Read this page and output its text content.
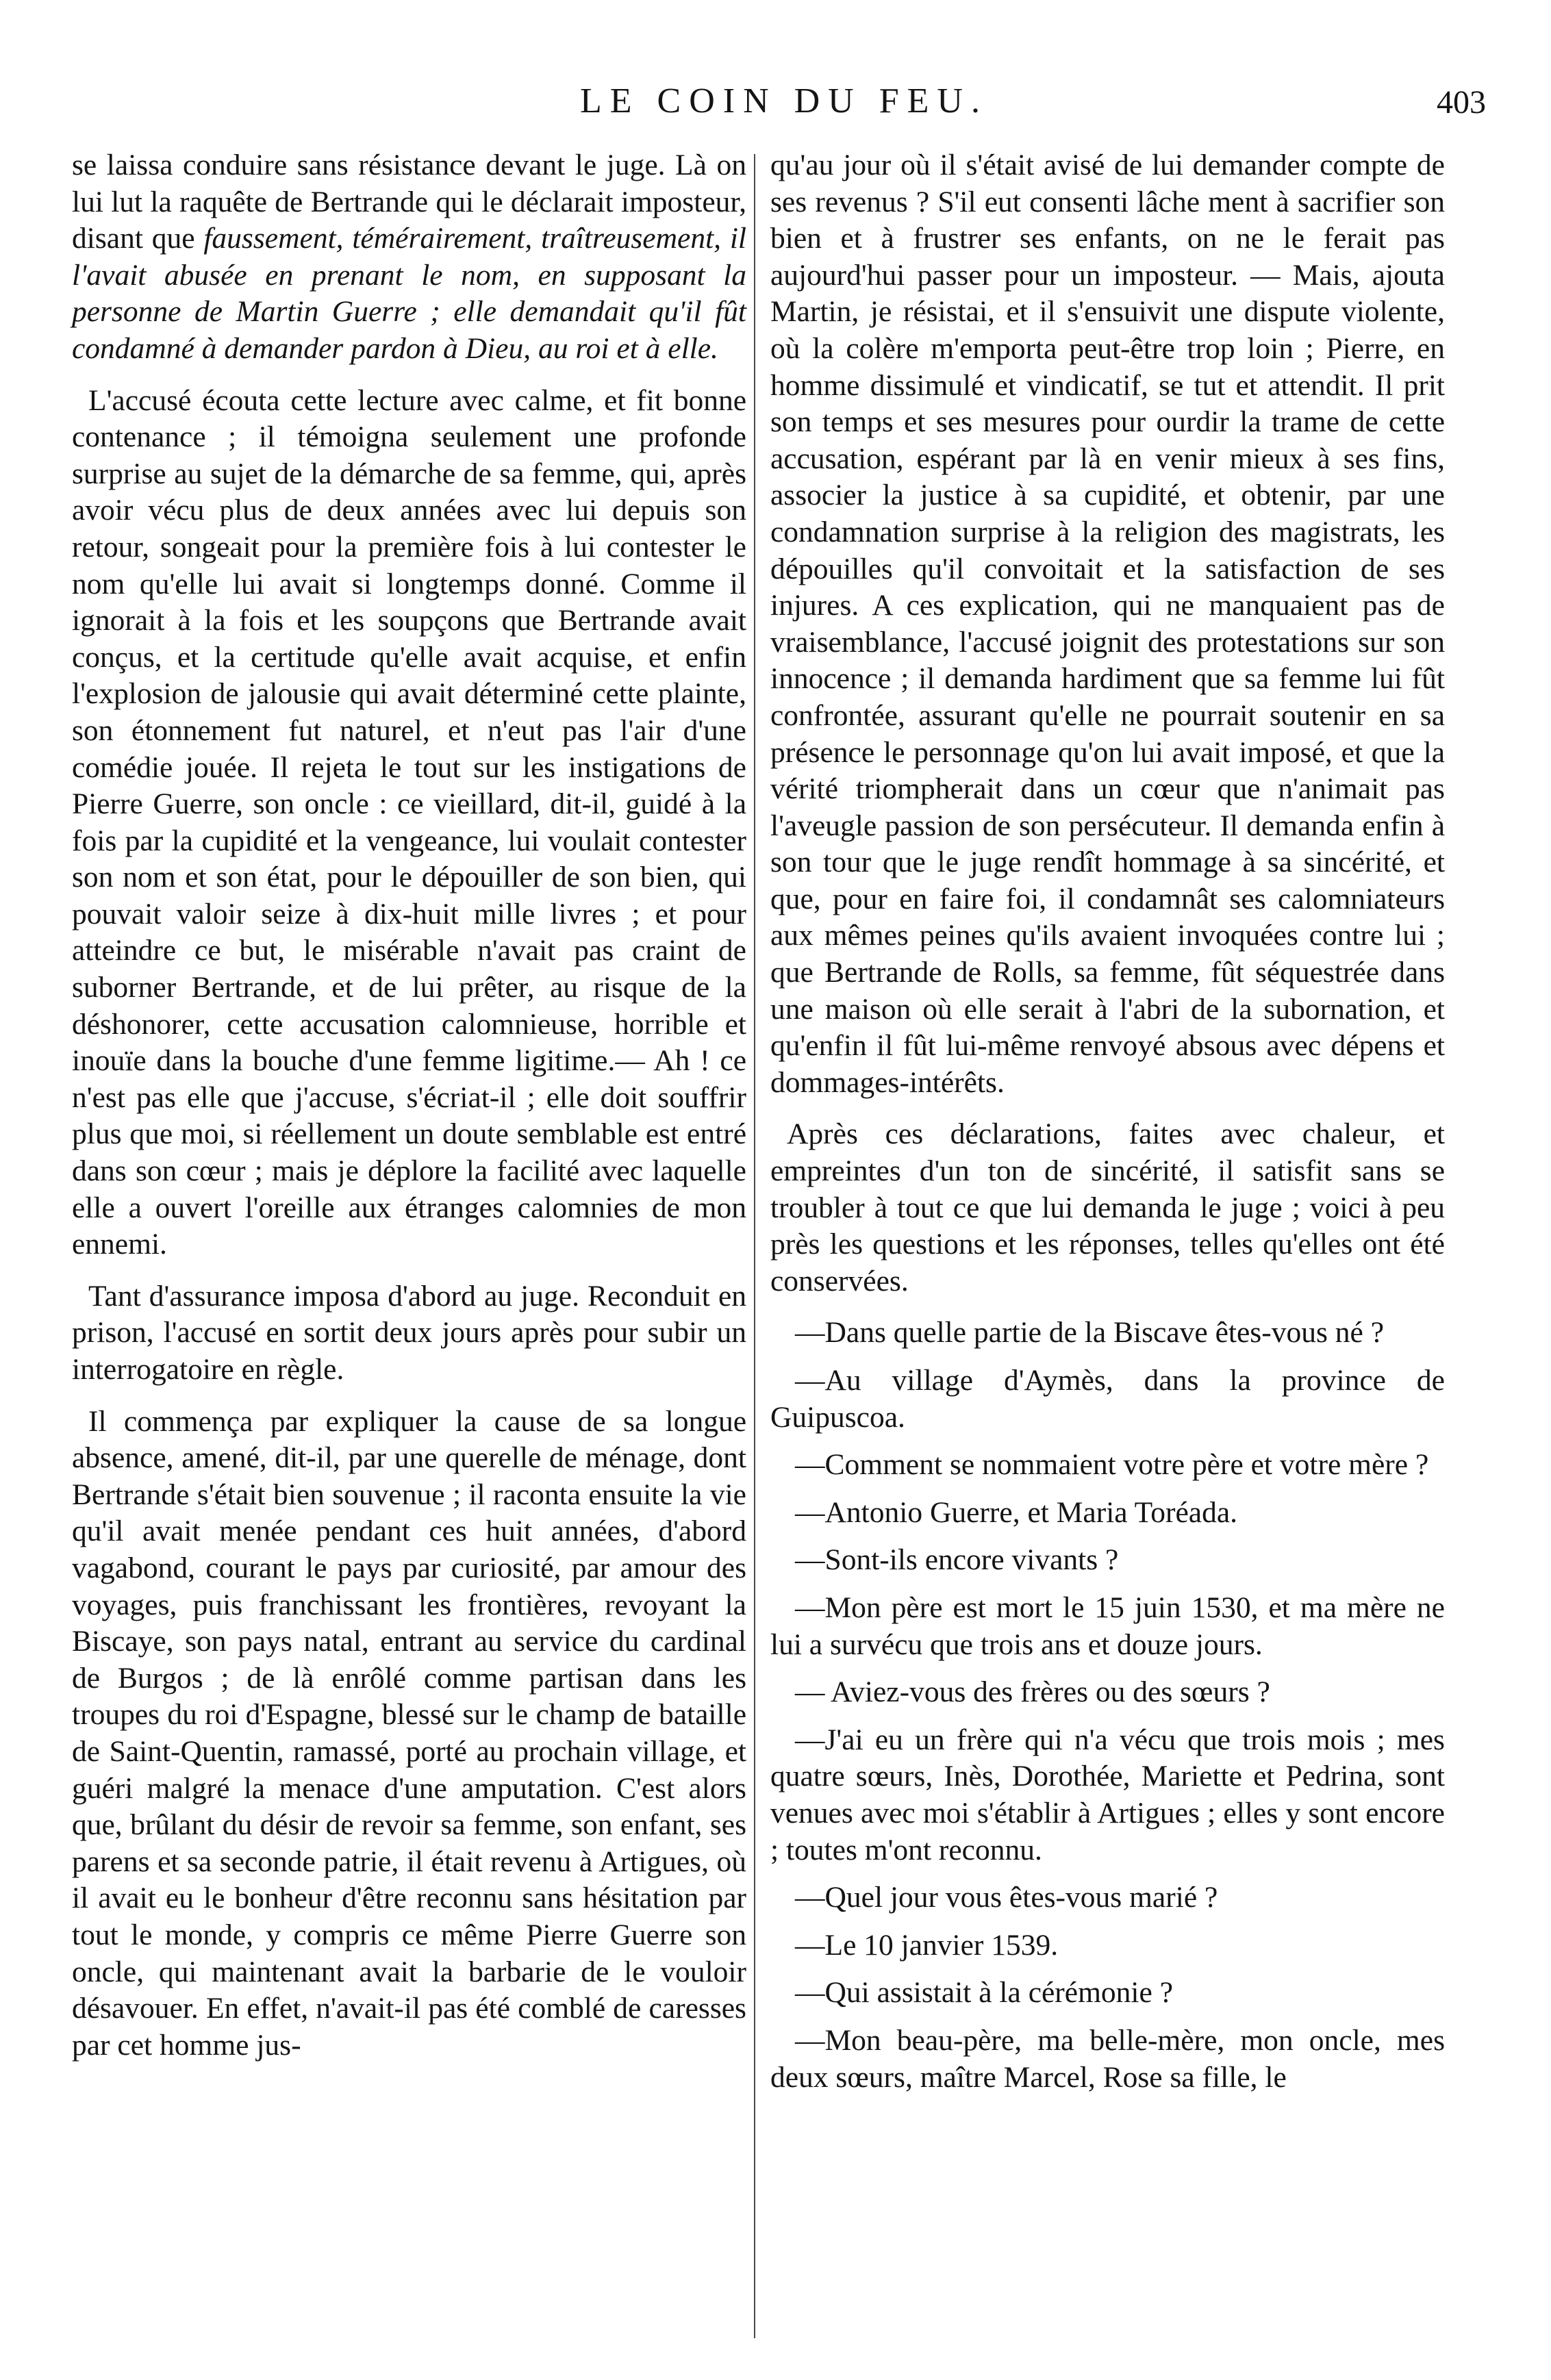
LE COIN DU FEU.	403

se laissa conduire sans résistance devant le juge. Là on lui lut la raquête de Bertrande qui le déclarait imposteur, disant que faussement, témérairement, traîtreusement, il l'avait abusée en prenant le nom, en supposant la personne de Martin Guerre ; elle demandait qu'il fût condamné à demander pardon à Dieu, au roi et à elle.

L'accusé écouta cette lecture avec calme, et fit bonne contenance ; il témoigna seulement une profonde surprise au sujet de la démarche de sa femme, qui, après avoir vécu plus de deux années avec lui depuis son retour, songeait pour la première fois à lui contester le nom qu'elle lui avait si longtemps donné. Comme il ignorait à la fois et les soupçons que Bertrande avait conçus, et la certitude qu'elle avait acquise, et enfin l'explosion de jalousie qui avait déterminé cette plainte, son étonnement fut naturel, et n'eut pas l'air d'une comédie jouée. Il rejeta le tout sur les instigations de Pierre Guerre, son oncle : ce vieillard, dit-il, guidé à la fois par la cupidité et la vengeance, lui voulait contester son nom et son état, pour le dépouiller de son bien, qui pouvait valoir seize à dix-huit mille livres ; et pour atteindre ce but, le misérable n'avait pas craint de suborner Bertrande, et de lui prêter, au risque de la déshonorer, cette accusation calomnieuse, horrible et inouïe dans la bouche d'une femme ligitime.— Ah ! ce n'est pas elle que j'accuse, s'écriat-il ; elle doit souffrir plus que moi, si réellement un doute semblable est entré dans son cœur ; mais je déplore la facilité avec laquelle elle a ouvert l'oreille aux étranges calomnies de mon ennemi.

Tant d'assurance imposa d'abord au juge. Reconduit en prison, l'accusé en sortit deux jours après pour subir un interrogatoire en règle.

Il commença par expliquer la cause de sa longue absence, amené, dit-il, par une querelle de ménage, dont Bertrande s'était bien souvenue ; il raconta ensuite la vie qu'il avait menée pendant ces huit années, d'abord vagabond, courant le pays par curiosité, par amour des voyages, puis franchissant les frontières, revoyant la Biscaye, son pays natal, entrant au service du cardinal de Burgos ; de là enrôlé comme partisan dans les troupes du roi d'Espagne, blessé sur le champ de bataille de Saint-Quentin, ramassé, porté au prochain village, et guéri malgré la menace d'une amputation. C'est alors que, brûlant du désir de revoir sa femme, son enfant, ses parens et sa seconde patrie, il était revenu à Artigues, où il avait eu le bonheur d'être reconnu sans hésitation par tout le monde, y compris ce même Pierre Guerre son oncle, qui maintenant avait la barbarie de le vouloir désavouer. En effet, n'avait-il pas été comblé de caresses par cet homme jus-

qu'au jour où il s'était avisé de lui demander compte de ses revenus ? S'il eut consenti lâche ment à sacrifier son bien et à frustrer ses enfants, on ne le ferait pas aujourd'hui passer pour un imposteur. — Mais, ajouta Martin, je résistai, et il s'ensuivit une dispute violente, où la colère m'emporta peut-être trop loin ; Pierre, en homme dissimulé et vindicatif, se tut et attendit. Il prit son temps et ses mesures pour ourdir la trame de cette accusation, espérant par là en venir mieux à ses fins, associer la justice à sa cupidité, et obtenir, par une condamnation surprise à la religion des magistrats, les dépouilles qu'il convoitait et la satisfaction de ses injures. A ces explication, qui ne manquaient pas de vraisemblance, l'accusé joignit des protestations sur son innocence ; il demanda hardiment que sa femme lui fût confrontée, assurant qu'elle ne pourrait soutenir en sa présence le personnage qu'on lui avait imposé, et que la vérité triompherait dans un cœur que n'animait pas l'aveugle passion de son persécuteur. Il demanda enfin à son tour que le juge rendît hommage à sa sincérité, et que, pour en faire foi, il condamnât ses calomniateurs aux mêmes peines qu'ils avaient invoquées contre lui ; que Bertrande de Rolls, sa femme, fût séquestrée dans une maison où elle serait à l'abri de la subornation, et qu'enfin il fût lui-même renvoyé absous avec dépens et dommages-intérêts.

Après ces déclarations, faites avec chaleur, et empreintes d'un ton de sincérité, il satisfit sans se troubler à tout ce que lui demanda le juge ; voici à peu près les questions et les réponses, telles qu'elles ont été conservées.

—Dans quelle partie de la Biscave êtes-vous né ?

—Au village d'Aymès, dans la province de Guipuscoa.

—Comment se nommaient votre père et votre mère ?

—Antonio Guerre, et Maria Toréada.

—Sont-ils encore vivants ?

—Mon père est mort le 15 juin 1530, et ma mère ne lui a survécu que trois ans et douze jours.

— Aviez-vous des frères ou des sœurs ?

—J'ai eu un frère qui n'a vécu que trois mois ; mes quatre sœurs, Inès, Dorothée, Mariette et Pedrina, sont venues avec moi s'établir à Artigues ; elles y sont encore ; toutes m'ont reconnu.

—Quel jour vous êtes-vous marié ?

—Le 10 janvier 1539.

—Qui assistait à la cérémonie ?

—Mon beau-père, ma belle-mère, mon oncle, mes deux sœurs, maître Marcel, Rose sa fille, le
